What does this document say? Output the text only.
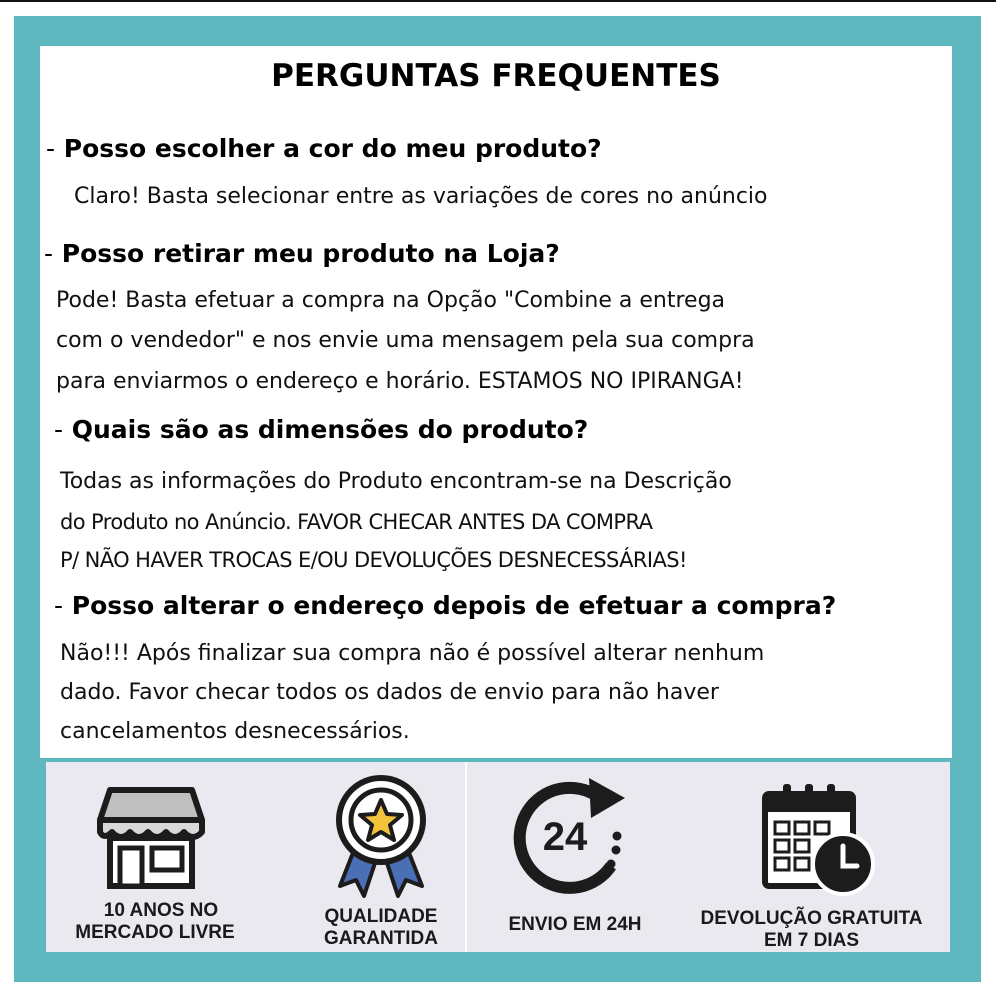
PERGUNTAS FREQUENTES
- Posso escolher a cor do meu produto?
Claro! Basta selecionar entre as variações de cores no anúncio
- Posso retirar meu produto na Loja?
Pode! Basta efetuar a compra na Opção "Combine a entrega
com o vendedor" e nos envie uma mensagem pela sua compra
para enviarmos o endereço e horário. ESTAMOS NO IPIRANGA!
- Quais são as dimensões do produto?
Todas as informações do Produto encontram-se na Descrição
do Produto no Anúncio. FAVOR CHECAR ANTES DA COMPRA
P/ NÃO HAVER TROCAS E/OU DEVOLUÇÕES DESNECESSÁRIAS!
- Posso alterar o endereço depois de efetuar a compra?
Não!!! Após finalizar sua compra não é possível alterar nenhum
dado. Favor checar todos os dados de envio para não haver
cancelamentos desnecessários.
10 ANOS NO
MERCADO LIVRE
QUALIDADE
GARANTIDA
24
ENVIO EM 24H	DEVOLUÇÃO GRATUITA
EM 7 DIAS
